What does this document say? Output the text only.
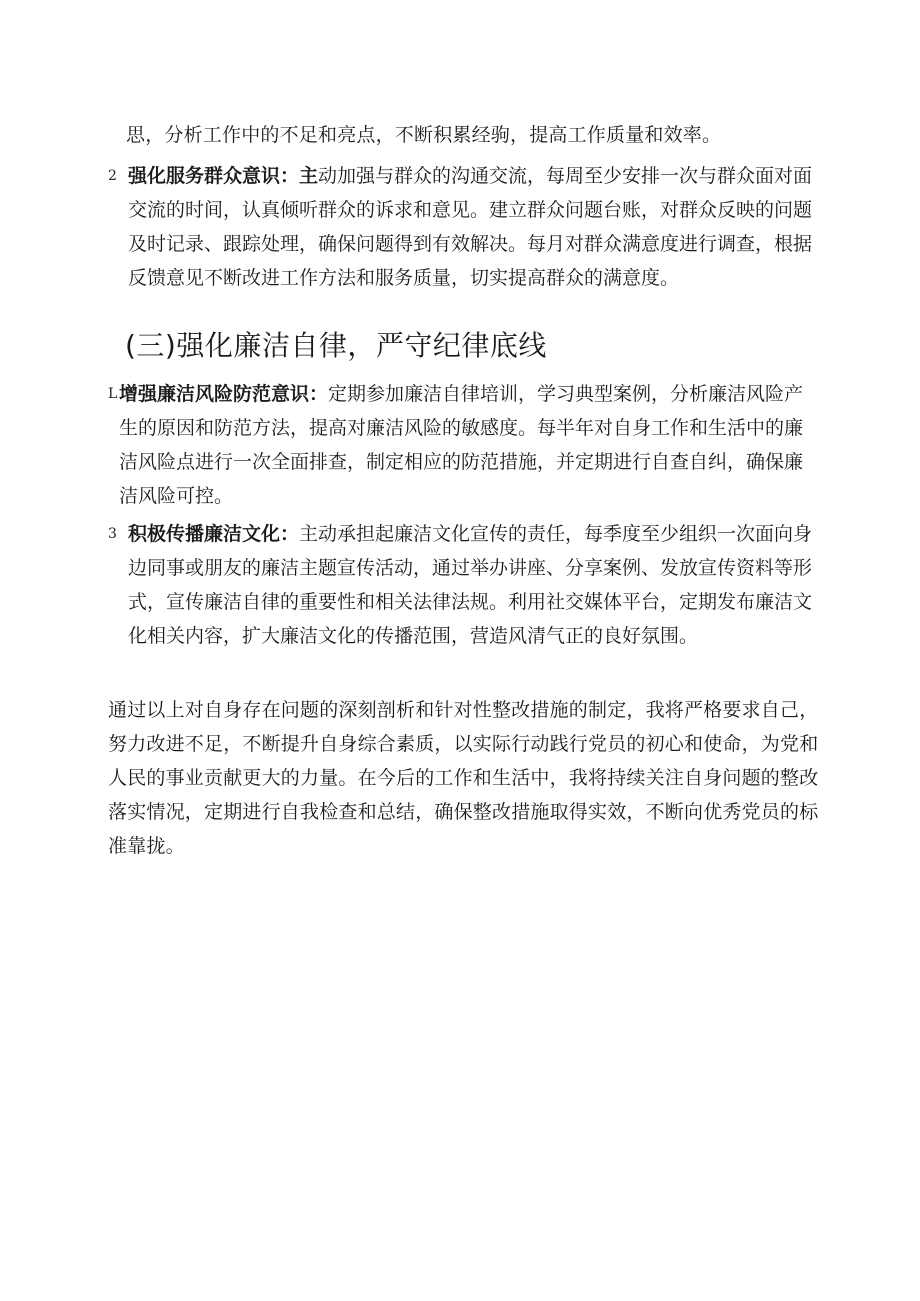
思，分析工作中的不足和亮点，不断积累经驹，提高工作质量和效率。
2 强化服务群众意识：主动加强与群众的沟通交流，每周至少安排一次与群众面对面交流的时间，认真倾听群众的诉求和意见。建立群众问题台账，对群众反映的问题及时记录、跟踪处理，确保问题得到有效解决。每月对群众满意度进行调查，根据反馈意见不断改进工作方法和服务质量，切实提高群众的满意度。
(三)强化廉洁自律，严守纪律底线
L 增强廉洁风险防范意识：定期参加廉洁自律培训，学习典型案例，分析廉洁风险产生的原因和防范方法，提高对廉洁风险的敏感度。每半年对自身工作和生活中的廉洁风险点进行一次全面排查，制定相应的防范措施，并定期进行自查自纠，确保廉洁风险可控。
3 积极传播廉洁文化：主动承担起廉洁文化宣传的责任，每季度至少组织一次面向身边同事或朋友的廉洁主题宣传活动，通过举办讲座、分享案例、发放宣传资料等形式，宣传廉洁自律的重要性和相关法律法规。利用社交媒体平台，定期发布廉洁文化相关内容，扩大廉洁文化的传播范围，营造风清气正的良好氛围。
通过以上对自身存在问题的深刻剖析和针对性整改措施的制定，我将严格要求自己，努力改进不足，不断提升自身综合素质，以实际行动践行党员的初心和使命，为党和人民的事业贡献更大的力量。在今后的工作和生活中，我将持续关注自身问题的整改落实情况，定期进行自我检查和总结，确保整改措施取得实效，不断向优秀党员的标准靠拢。
